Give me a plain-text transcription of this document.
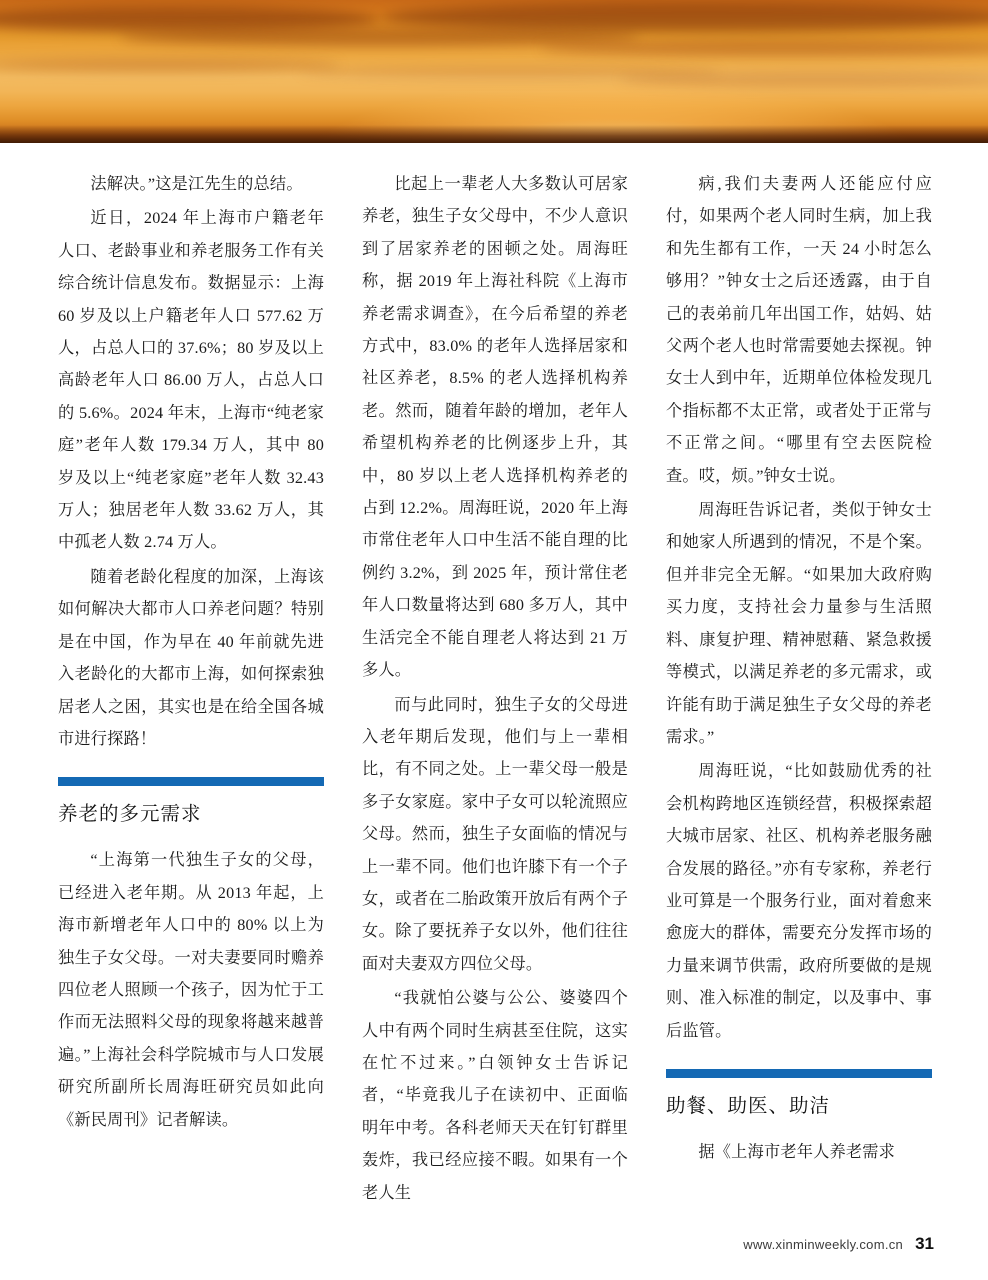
法解决。”这是江先生的总结。

近日，2024 年上海市户籍老年人口、老龄事业和养老服务工作有关综合统计信息发布。数据显示：上海 60 岁及以上户籍老年人口 577.62 万人，占总人口的 37.6%；80 岁及以上高龄老年人口 86.00 万人，占总人口的 5.6%。2024 年末，上海市“纯老家庭”老年人数 179.34 万人，其中 80 岁及以上“纯老家庭”老年人数 32.43 万人；独居老年人数 33.62 万人，其中孤老人数 2.74 万人。

随着老龄化程度的加深，上海该如何解决大都市人口养老问题？特别是在中国，作为早在 40 年前就先进入老龄化的大都市上海，如何探索独居老人之困，其实也是在给全国各城市进行探路！

养老的多元需求

“上海第一代独生子女的父母，已经进入老年期。从 2013 年起，上海市新增老年人口中的 80% 以上为独生子女父母。一对夫妻要同时赡养四位老人照顾一个孩子，因为忙于工作而无法照料父母的现象将越来越普遍。”上海社会科学院城市与人口发展研究所副所长周海旺研究员如此向《新民周刊》记者解读。

比起上一辈老人大多数认可居家养老，独生子女父母中，不少人意识到了居家养老的困顿之处。周海旺称，据 2019 年上海社科院《上海市养老需求调查》，在今后希望的养老方式中，83.0% 的老年人选择居家和社区养老，8.5% 的老人选择机构养老。然而，随着年龄的增加，老年人希望机构养老的比例逐步上升，其中，80 岁以上老人选择机构养老的占到 12.2%。周海旺说，2020 年上海市常住老年人口中生活不能自理的比例约 3.2%，到 2025 年，预计常住老年人口数量将达到 680 多万人，其中生活完全不能自理老人将达到 21 万多人。

而与此同时，独生子女的父母进入老年期后发现，他们与上一辈相比，有不同之处。上一辈父母一般是多子女家庭。家中子女可以轮流照应父母。然而，独生子女面临的情况与上一辈不同。他们也许膝下有一个子女，或者在二胎政策开放后有两个子女。除了要抚养子女以外，他们往往面对夫妻双方四位父母。

“我就怕公婆与公公、婆婆四个人中有两个同时生病甚至住院，这实在忙不过来。”白领钟女士告诉记者，“毕竟我儿子在读初中、正面临明年中考。各科老师天天在钉钉群里轰炸，我已经应接不暇。如果有一个老人生

病,我们夫妻两人还能应付应付，如果两个老人同时生病，加上我和先生都有工作，一天 24 小时怎么够用？”钟女士之后还透露，由于自己的表弟前几年出国工作，姑妈、姑父两个老人也时常需要她去探视。钟女士人到中年，近期单位体检发现几个指标都不太正常，或者处于正常与不正常之间。“哪里有空去医院检查。哎，烦。”钟女士说。

周海旺告诉记者，类似于钟女士和她家人所遇到的情况，不是个案。但并非完全无解。“如果加大政府购买力度，支持社会力量参与生活照料、康复护理、精神慰藉、紧急救援等模式，以满足养老的多元需求，或许能有助于满足独生子女父母的养老需求。”

周海旺说，“比如鼓励优秀的社会机构跨地区连锁经营，积极探索超大城市居家、社区、机构养老服务融合发展的路径。”亦有专家称，养老行业可算是一个服务行业，面对着愈来愈庞大的群体，需要充分发挥市场的力量来调节供需，政府所要做的是规则、准入标准的制定，以及事中、事后监管。

助餐、助医、助洁

据《上海市老年人养老需求

www.xinminweekly.com.cn 31
